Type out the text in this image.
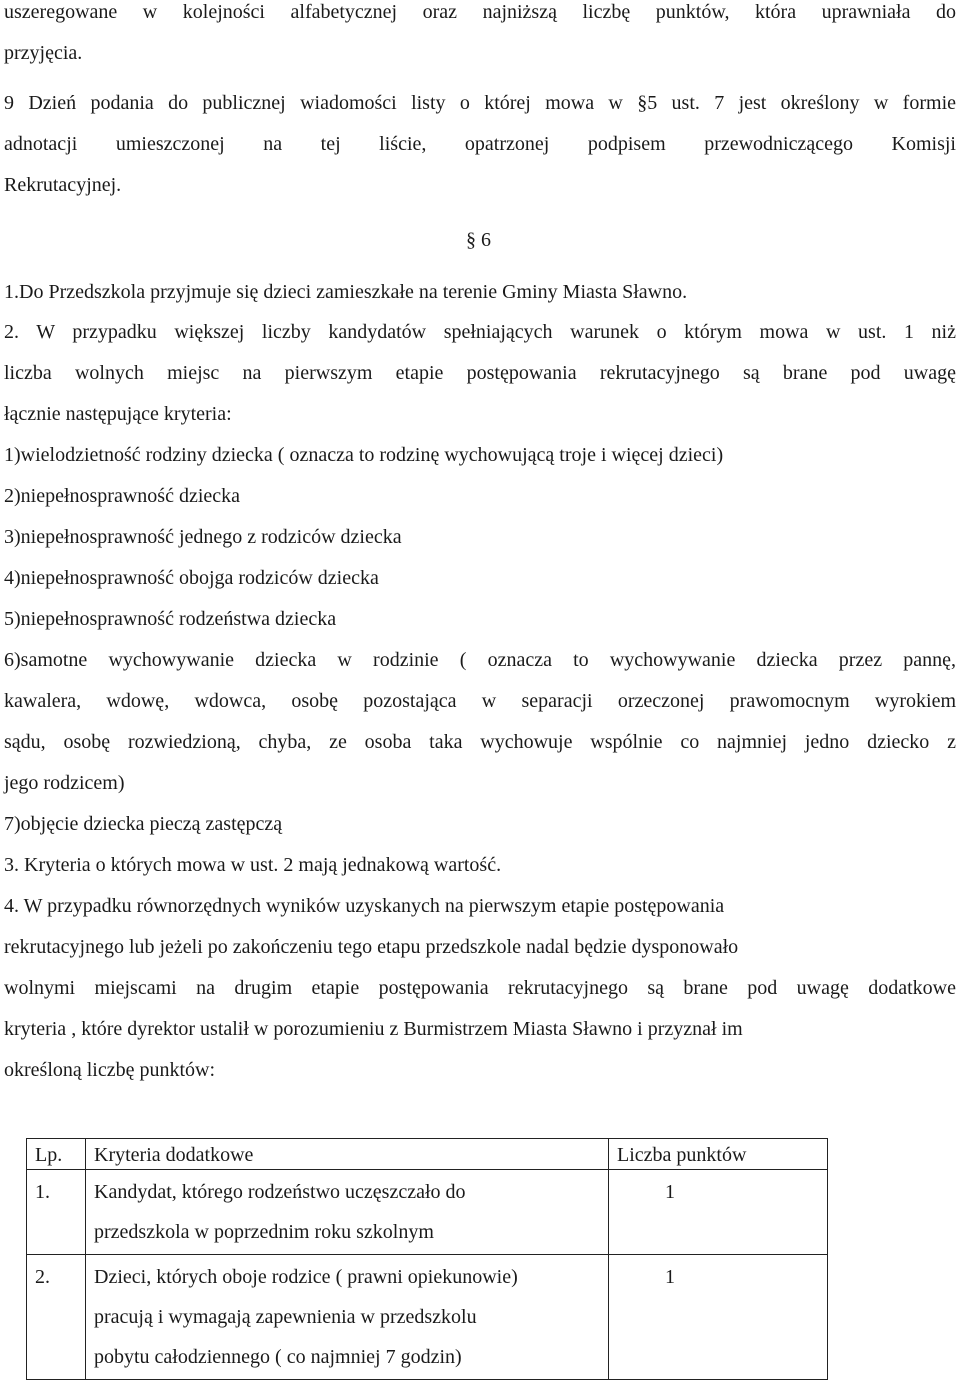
uszeregowane w kolejności alfabetycznej oraz najniższą liczbę punktów, która uprawniała do
przyjęcia.
9 Dzień podania do publicznej wiadomości listy o której mowa w §5 ust. 7 jest określony w formie
adnotacji umieszczonej na tej liście, opatrzonej podpisem przewodniczącego Komisji
Rekrutacyjnej.
§ 6
1.Do Przedszkola przyjmuje się dzieci zamieszkałe na terenie Gminy Miasta Sławno.
2. W przypadku większej liczby kandydatów spełniających warunek o którym mowa w ust. 1 niż
liczba wolnych miejsc na pierwszym etapie postępowania rekrutacyjnego są brane pod uwagę
łącznie następujące kryteria:
1)wielodzietność rodziny dziecka ( oznacza to rodzinę wychowującą troje i więcej dzieci)
2)niepełnosprawność dziecka
3)niepełnosprawność jednego z rodziców dziecka
4)niepełnosprawność obojga rodziców dziecka
5)niepełnosprawność rodzeństwa dziecka
6)samotne wychowywanie dziecka w rodzinie ( oznacza to wychowywanie dziecka przez pannę,
kawalera, wdowę, wdowca, osobę pozostająca w separacji orzeczonej prawomocnym wyrokiem
sądu, osobę rozwiedzioną, chyba, ze osoba taka wychowuje wspólnie co najmniej jedno dziecko z
jego rodzicem)
7)objęcie dziecka pieczą zastępczą
3. Kryteria o których mowa w ust. 2 mają jednakową wartość.
4. W przypadku równorzędnych wyników uzyskanych na pierwszym etapie postępowania
rekrutacyjnego lub jeżeli po zakończeniu tego etapu przedszkole nadal będzie dysponowało
wolnymi miejscami na drugim etapie postępowania rekrutacyjnego są brane pod uwagę dodatkowe
kryteria , które dyrektor ustalił w porozumieniu z Burmistrzem Miasta Sławno i przyznał im
określoną liczbę punktów:
Lp.	Kryteria dodatkowe	Liczba punktów
1.	Kandydat, którego rodzeństwo uczęszczało do
przedszkola w poprzednim roku szkolnym	1
2.	Dzieci, których oboje rodzice ( prawni opiekunowie)
pracują i wymagają zapewnienia w przedszkolu
pobytu całodziennego ( co najmniej 7 godzin)	1
